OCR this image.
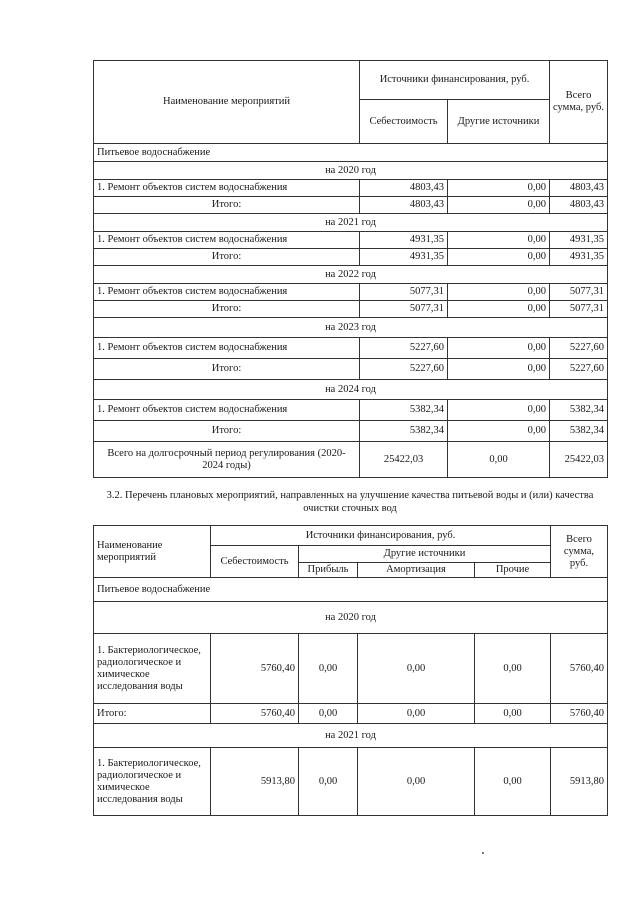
Наименование мероприятий	Источники финансирования, руб.		Всего сумма, руб.
	Себестоимость	Другие источники	
Питьевое водоснабжение			
на 2020 год			
1. Ремонт объектов систем водоснабжения	4803,43	0,00	4803,43
Итого:	4803,43	0,00	4803,43
на 2021 год			
1. Ремонт объектов систем водоснабжения	4931,35	0,00	4931,35
Итого:	4931,35	0,00	4931,35
на 2022 год			
1. Ремонт объектов систем водоснабжения	5077,31	0,00	5077,31
Итого:	5077,31	0,00	5077,31
на 2023 год			
1. Ремонт объектов систем водоснабжения	5227,60	0,00	5227,60
Итого:	5227,60	0,00	5227,60
на 2024 год			
1. Ремонт объектов систем водоснабжения	5382,34	0,00	5382,34
Итого:	5382,34	0,00	5382,34
Всего на долгосрочный период регулирования (2020-2024 годы)	25422,03	0,00	25422,03
3.2. Перечень плановых мероприятий, направленных на улучшение качества питьевой воды и (или) качества очистки сточных вод
Наименование мероприятий	Источники финансирования, руб.				Всего сумма, руб.
	Себестоимость	Другие источники			
		Прибыль	Амортизация	Прочие	
Питьевое водоснабжение					
на 2020 год					
1. Бактериологическое, радиологическое и химическое исследования воды	5760,40	0,00	0,00	0,00	5760,40
Итого:	5760,40	0,00	0,00	0,00	5760,40
на 2021 год					
1. Бактериологическое, радиологическое и химическое исследования воды	5913,80	0,00	0,00	0,00	5913,80
